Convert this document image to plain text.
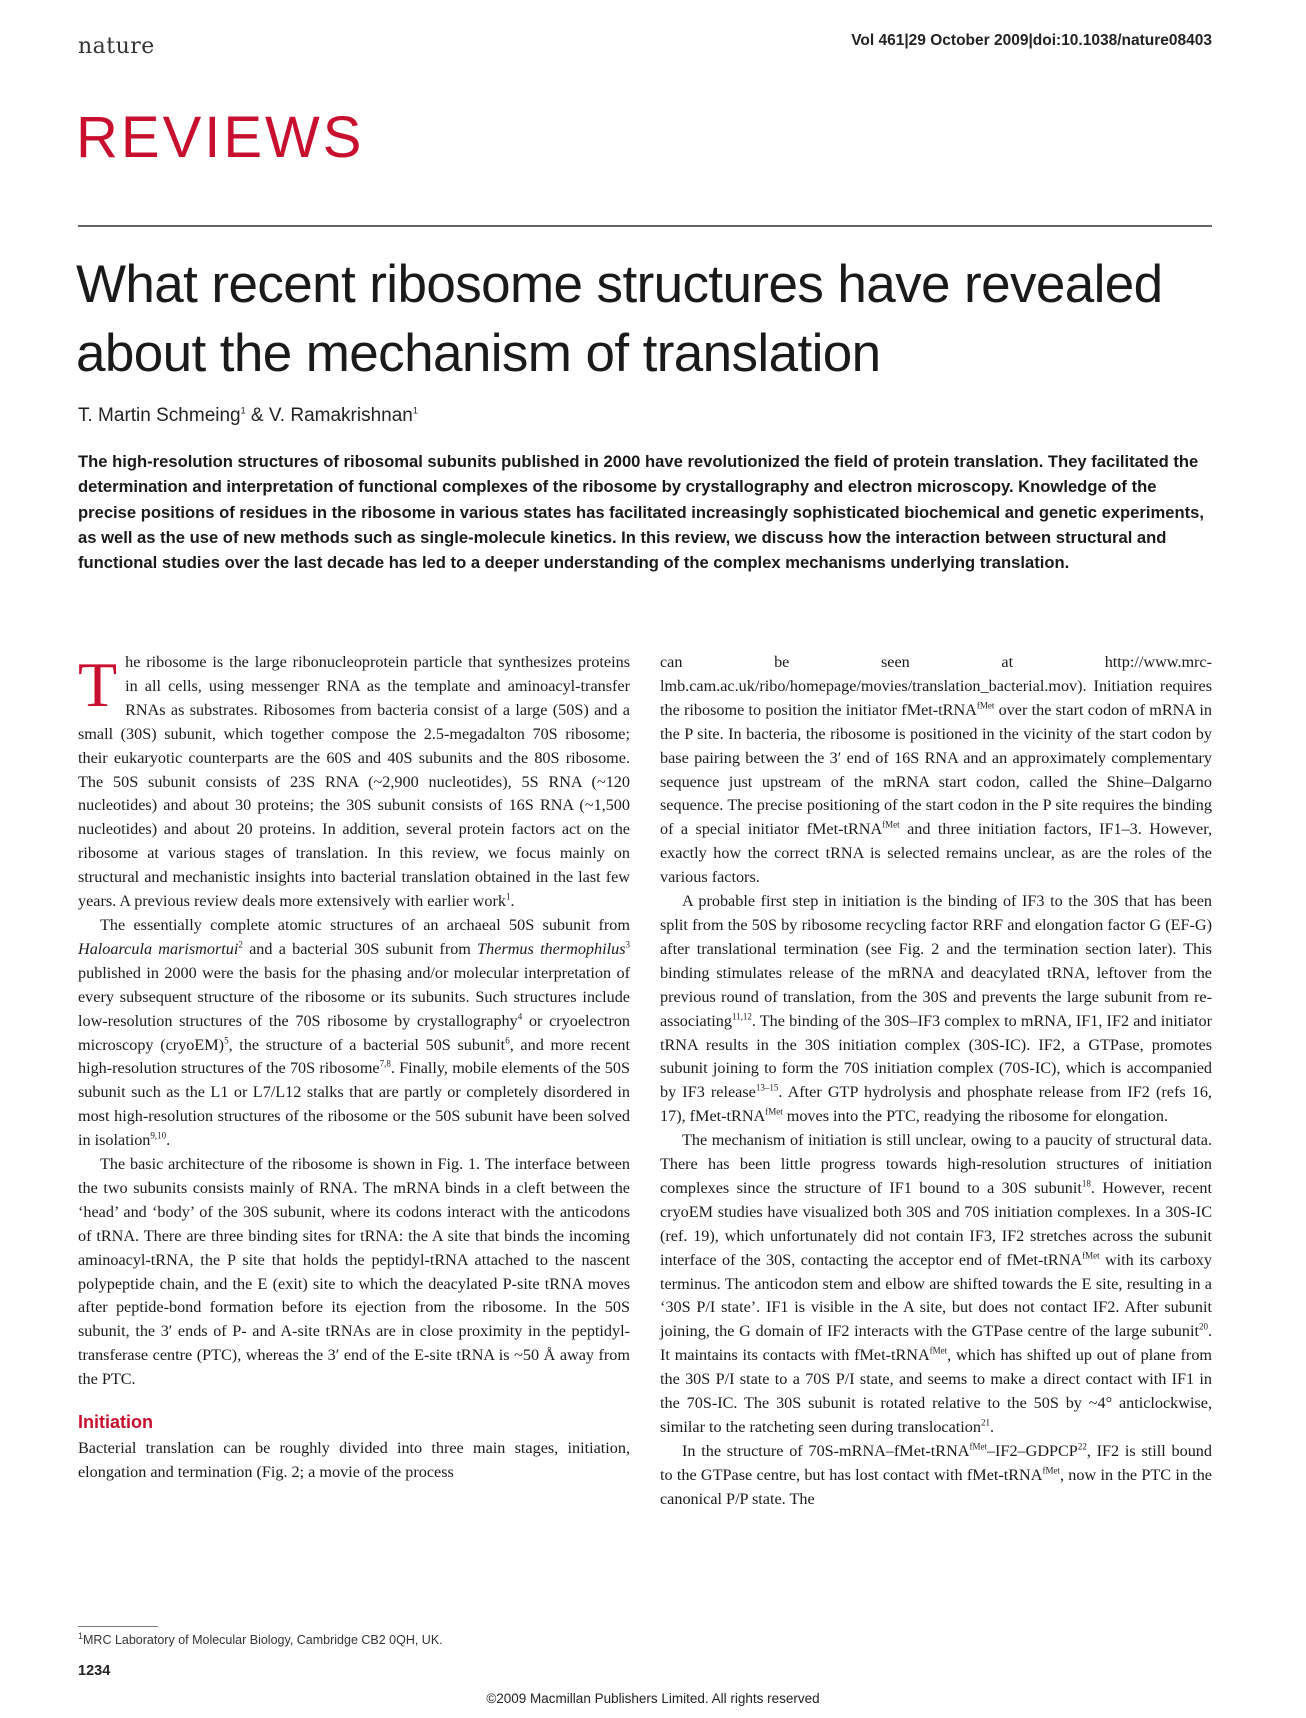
nature	Vol 461|29 October 2009|doi:10.1038/nature08403
REVIEWS
What recent ribosome structures have revealed about the mechanism of translation
T. Martin Schmeing$^1$ & V. Ramakrishnan$^1$

The high-resolution structures of ribosomal subunits published in 2000 have revolutionized the field of protein translation. They facilitated the determination and interpretation of functional complexes of the ribosome by crystallography and electron microscopy. Knowledge of the precise positions of residues in the ribosome in various states has facilitated increasingly sophisticated biochemical and genetic experiments, as well as the use of new methods such as single-molecule kinetics. In this review, we discuss how the interaction between structural and functional studies over the last decade has led to a deeper understanding of the complex mechanisms underlying translation.

The ribosome is the large ribonucleoprotein particle that synthesizes proteins in all cells, using messenger RNA as the template and aminoacyl-transfer RNAs as substrates. Ribosomes from bacteria consist of a large (50S) and a small (30S) subunit, which together compose the 2.5-megadalton 70S ribosome; their eukaryotic counterparts are the 60S and 40S subunits and the 80S ribosome. The 50S subunit consists of 23S RNA (~2,900 nucleotides), 5S RNA (~120 nucleotides) and about 30 proteins; the 30S subunit consists of 16S RNA (~1,500 nucleotides) and about 20 proteins. In addition, several protein factors act on the ribosome at various stages of translation. In this review, we focus mainly on structural and mechanistic insights into bacterial translation obtained in the last few years. A previous review deals more extensively with earlier work$^1$.

The essentially complete atomic structures of an archaeal 50S subunit from Haloarcula marismortui$^2$ and a bacterial 30S subunit from Thermus thermophilus$^3$ published in 2000 were the basis for the phasing and/or molecular interpretation of every subsequent structure of the ribosome or its subunits. Such structures include low-resolution structures of the 70S ribosome by crystallography$^4$ or cryoelectron microscopy (cryoEM)$^5$, the structure of a bacterial 50S subunit$^6$, and more recent high-resolution structures of the 70S ribosome$^{7,8}$. Finally, mobile elements of the 50S subunit such as the L1 or L7/L12 stalks that are partly or completely disordered in most high-resolution structures of the ribosome or the 50S subunit have been solved in isolation$^{9,10}$.

The basic architecture of the ribosome is shown in Fig. 1. The interface between the two subunits consists mainly of RNA. The mRNA binds in a cleft between the ‘head’ and ‘body’ of the 30S subunit, where its codons interact with the anticodons of tRNA. There are three binding sites for tRNA: the A site that binds the incoming aminoacyl-tRNA, the P site that holds the peptidyl-tRNA attached to the nascent polypeptide chain, and the E (exit) site to which the deacylated P-site tRNA moves after peptide-bond formation before its ejection from the ribosome. In the 50S subunit, the 3′ ends of P- and A-site tRNAs are in close proximity in the peptidyl-transferase centre (PTC), whereas the 3′ end of the E-site tRNA is ~50 Å away from the PTC.

Initiation

Bacterial translation can be roughly divided into three main stages, initiation, elongation and termination (Fig. 2; a movie of the process

can be seen at http://www.mrc-lmb.cam.ac.uk/ribo/homepage/movies/translation_bacterial.mov). Initiation requires the ribosome to position the initiator fMet-tRNA$^{fMet}$ over the start codon of mRNA in the P site. In bacteria, the ribosome is positioned in the vicinity of the start codon by base pairing between the 3′ end of 16S RNA and an approximately complementary sequence just upstream of the mRNA start codon, called the Shine–Dalgarno sequence. The precise positioning of the start codon in the P site requires the binding of a special initiator fMet-tRNA$^{fMet}$ and three initiation factors, IF1–3. However, exactly how the correct tRNA is selected remains unclear, as are the roles of the various factors.

A probable first step in initiation is the binding of IF3 to the 30S that has been split from the 50S by ribosome recycling factor RRF and elongation factor G (EF-G) after translational termination (see Fig. 2 and the termination section later). This binding stimulates release of the mRNA and deacylated tRNA, leftover from the previous round of translation, from the 30S and prevents the large subunit from re-associating$^{11,12}$. The binding of the 30S–IF3 complex to mRNA, IF1, IF2 and initiator tRNA results in the 30S initiation complex (30S-IC). IF2, a GTPase, promotes subunit joining to form the 70S initiation complex (70S-IC), which is accompanied by IF3 release$^{13-15}$. After GTP hydrolysis and phosphate release from IF2 (refs 16, 17), fMet-tRNA$^{fMet}$ moves into the PTC, readying the ribosome for elongation.

The mechanism of initiation is still unclear, owing to a paucity of structural data. There has been little progress towards high-resolution structures of initiation complexes since the structure of IF1 bound to a 30S subunit$^{18}$. However, recent cryoEM studies have visualized both 30S and 70S initiation complexes. In a 30S-IC (ref. 19), which unfortunately did not contain IF3, IF2 stretches across the subunit interface of the 30S, contacting the acceptor end of fMet-tRNA$^{fMet}$ with its carboxy terminus. The anticodon stem and elbow are shifted towards the E site, resulting in a ‘30S P/I state’. IF1 is visible in the A site, but does not contact IF2. After subunit joining, the G domain of IF2 interacts with the GTPase centre of the large subunit$^{20}$. It maintains its contacts with fMet-tRNA$^{fMet}$, which has shifted up out of plane from the 30S P/I state to a 70S P/I state, and seems to make a direct contact with IF1 in the 70S-IC. The 30S subunit is rotated relative to the 50S by ~4° anticlockwise, similar to the ratcheting seen during translocation$^{21}$.

In the structure of 70S-mRNA–fMet-tRNA$^{fMet}$–IF2–GDPCP$^{22}$, IF2 is still bound to the GTPase centre, but has lost contact with fMet-tRNA$^{fMet}$, now in the PTC in the canonical P/P state. The

$^1$MRC Laboratory of Molecular Biology, Cambridge CB2 0QH, UK.
1234
©2009 Macmillan Publishers Limited. All rights reserved
